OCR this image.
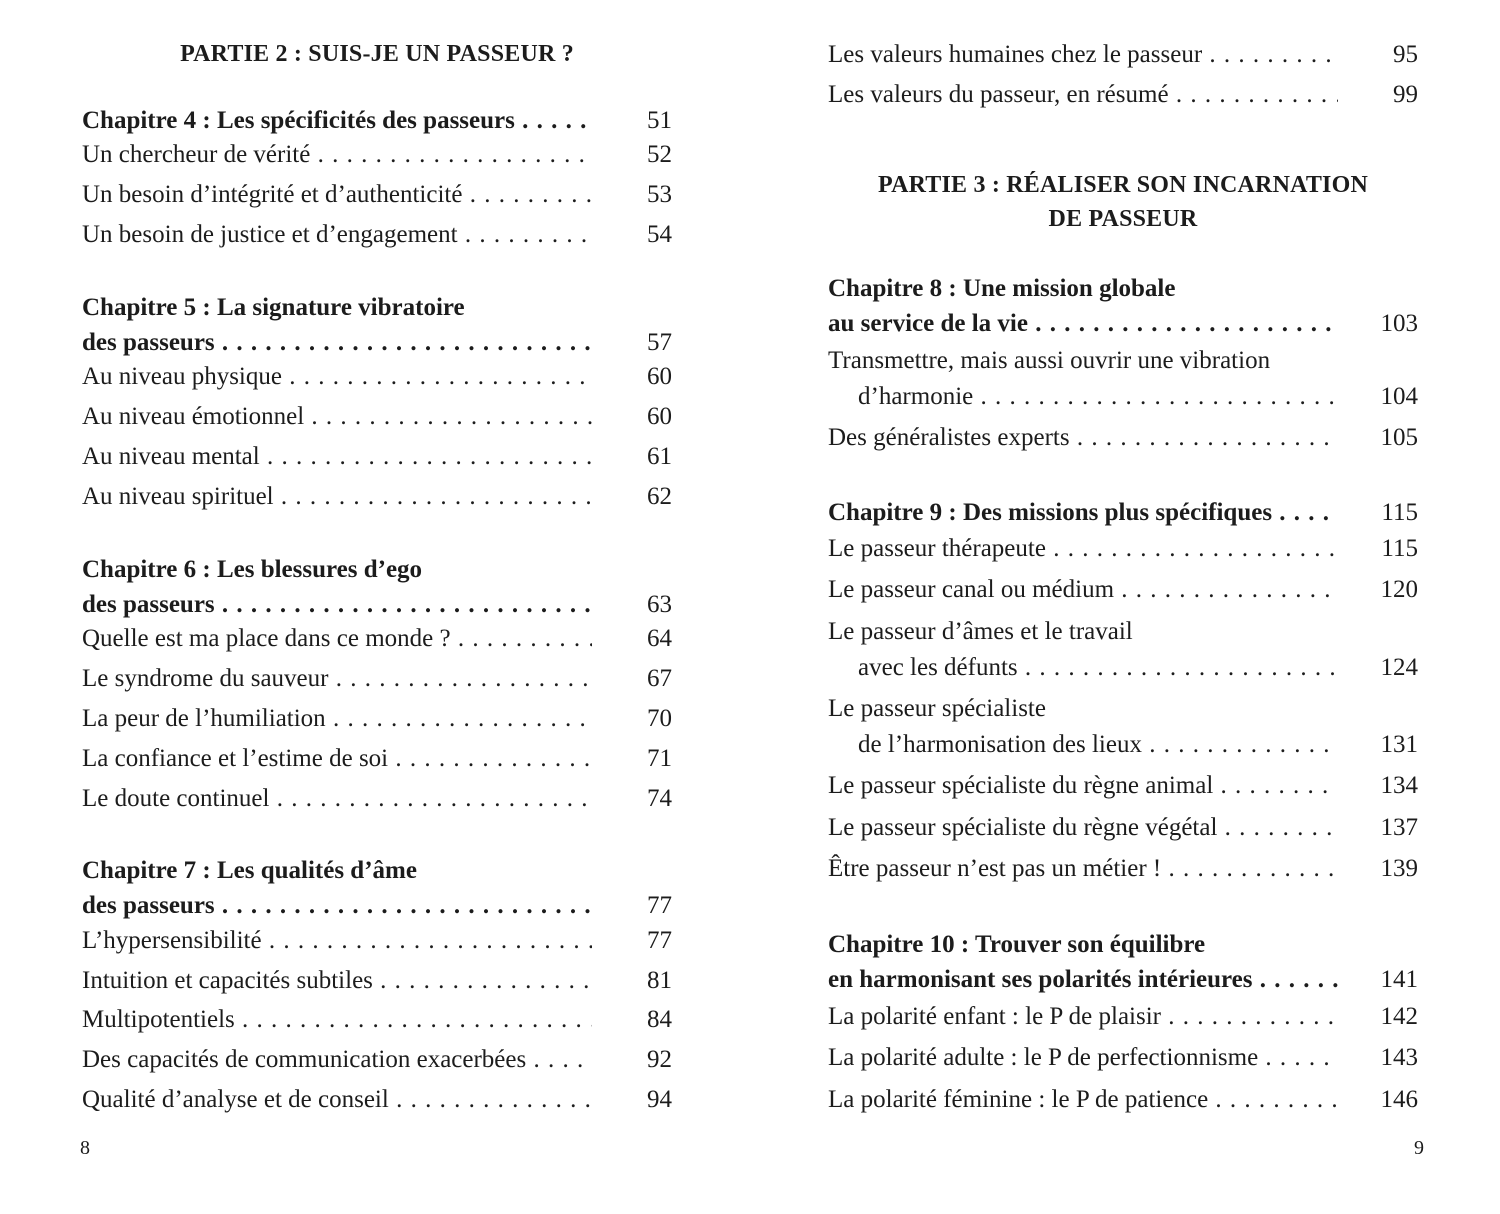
PARTIE 2 : SUIS-JE UN PASSEUR ?
Chapitre 4 : Les spécificités des passeurs . . .	51
Un chercheur de vérité . . .	52
Un besoin d’intégrité et d’authenticité . . .	53
Un besoin de justice et d’engagement . . .	54
Chapitre 5 : La signature vibratoire
des passeurs . . .	57
Au niveau physique . . .	60
Au niveau émotionnel . . .	60
Au niveau mental . . .	61
Au niveau spirituel . . .	62
Chapitre 6 : Les blessures d’ego
des passeurs . . .	63
Quelle est ma place dans ce monde ? . . .	64
Le syndrome du sauveur . . .	67
La peur de l’humiliation . . .	70
La confiance et l’estime de soi . . .	71
Le doute continuel . . .	74
Chapitre 7 : Les qualités d’âme
des passeurs . . .	77
L’hypersensibilité . . .	77
Intuition et capacités subtiles . . .	81
Multipotentiels . . .	84
Des capacités de communication exacerbées . . .	92
Qualité d’analyse et de conseil . . .	94
8
Les valeurs humaines chez le passeur . . .	95
Les valeurs du passeur, en résumé . . .	99
PARTIE 3 : RÉALISER SON INCARNATION
DE PASSEUR
Chapitre 8 : Une mission globale
au service de la vie . . .	103
Transmettre, mais aussi ouvrir une vibration
d’harmonie . . .	104
Des généralistes experts . . .	105
Chapitre 9 : Des missions plus spécifiques . . .	115
Le passeur thérapeute . . .	115
Le passeur canal ou médium . . .	120
Le passeur d’âmes et le travail
avec les défunts . . .	124
Le passeur spécialiste
de l’harmonisation des lieux . . .	131
Le passeur spécialiste du règne animal . . .	134
Le passeur spécialiste du règne végétal . . .	137
Être passeur n’est pas un métier ! . . .	139
Chapitre 10 : Trouver son équilibre
en harmonisant ses polarités intérieures . . .	141
La polarité enfant : le P de plaisir . . .	142
La polarité adulte : le P de perfectionnisme . . .	143
La polarité féminine : le P de patience . . .	146
9
